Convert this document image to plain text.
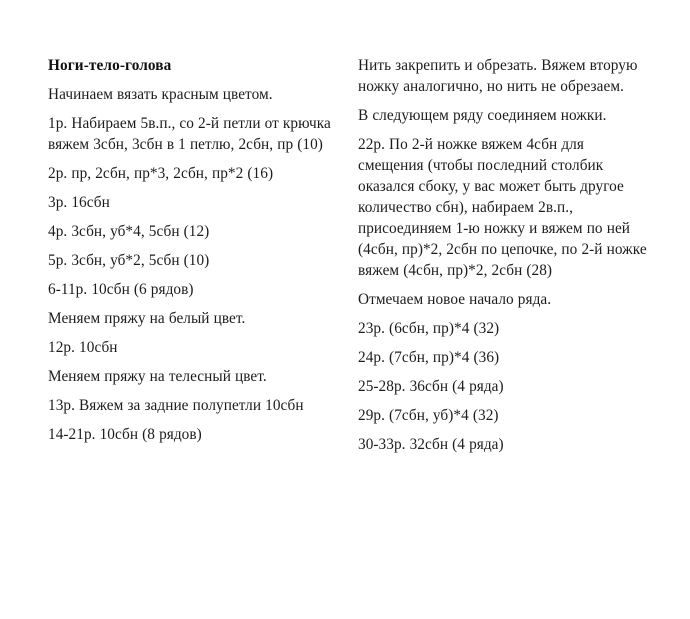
Ноги-тело-голова

Начинаем вязать красным цветом.

1р. Набираем 5в.п., со 2-й петли от крючка вяжем 3сбн, 3сбн в 1 петлю, 2сбн, пр (10)

2р. пр, 2сбн, пр*3, 2сбн, пр*2 (16)

3р. 16сбн

4р. 3сбн, уб*4, 5сбн (12)

5р. 3сбн, уб*2, 5сбн (10)

6-11р. 10сбн (6 рядов)

Меняем пряжу на белый цвет.

12р. 10сбн

Меняем пряжу на телесный цвет.

13р. Вяжем за задние полупетли 10сбн

14-21р. 10сбн (8 рядов)

Нить закрепить и обрезать. Вяжем вторую ножку аналогично, но нить не обрезаем.

В следующем ряду соединяем ножки.

22р. По 2-й ножке вяжем 4сбн для смещения (чтобы последний столбик оказался сбоку, у вас может быть другое количество сбн), набираем 2в.п., присоединяем 1-ю ножку и вяжем по ней (4сбн, пр)*2, 2сбн по цепочке, по 2-й ножке вяжем (4сбн, пр)*2, 2сбн (28)

Отмечаем новое начало ряда.

23р. (6сбн, пр)*4 (32)

24р. (7сбн, пр)*4 (36)

25-28р. 36сбн (4 ряда)

29р. (7сбн, уб)*4 (32)

30-33р. 32сбн (4 ряда)
